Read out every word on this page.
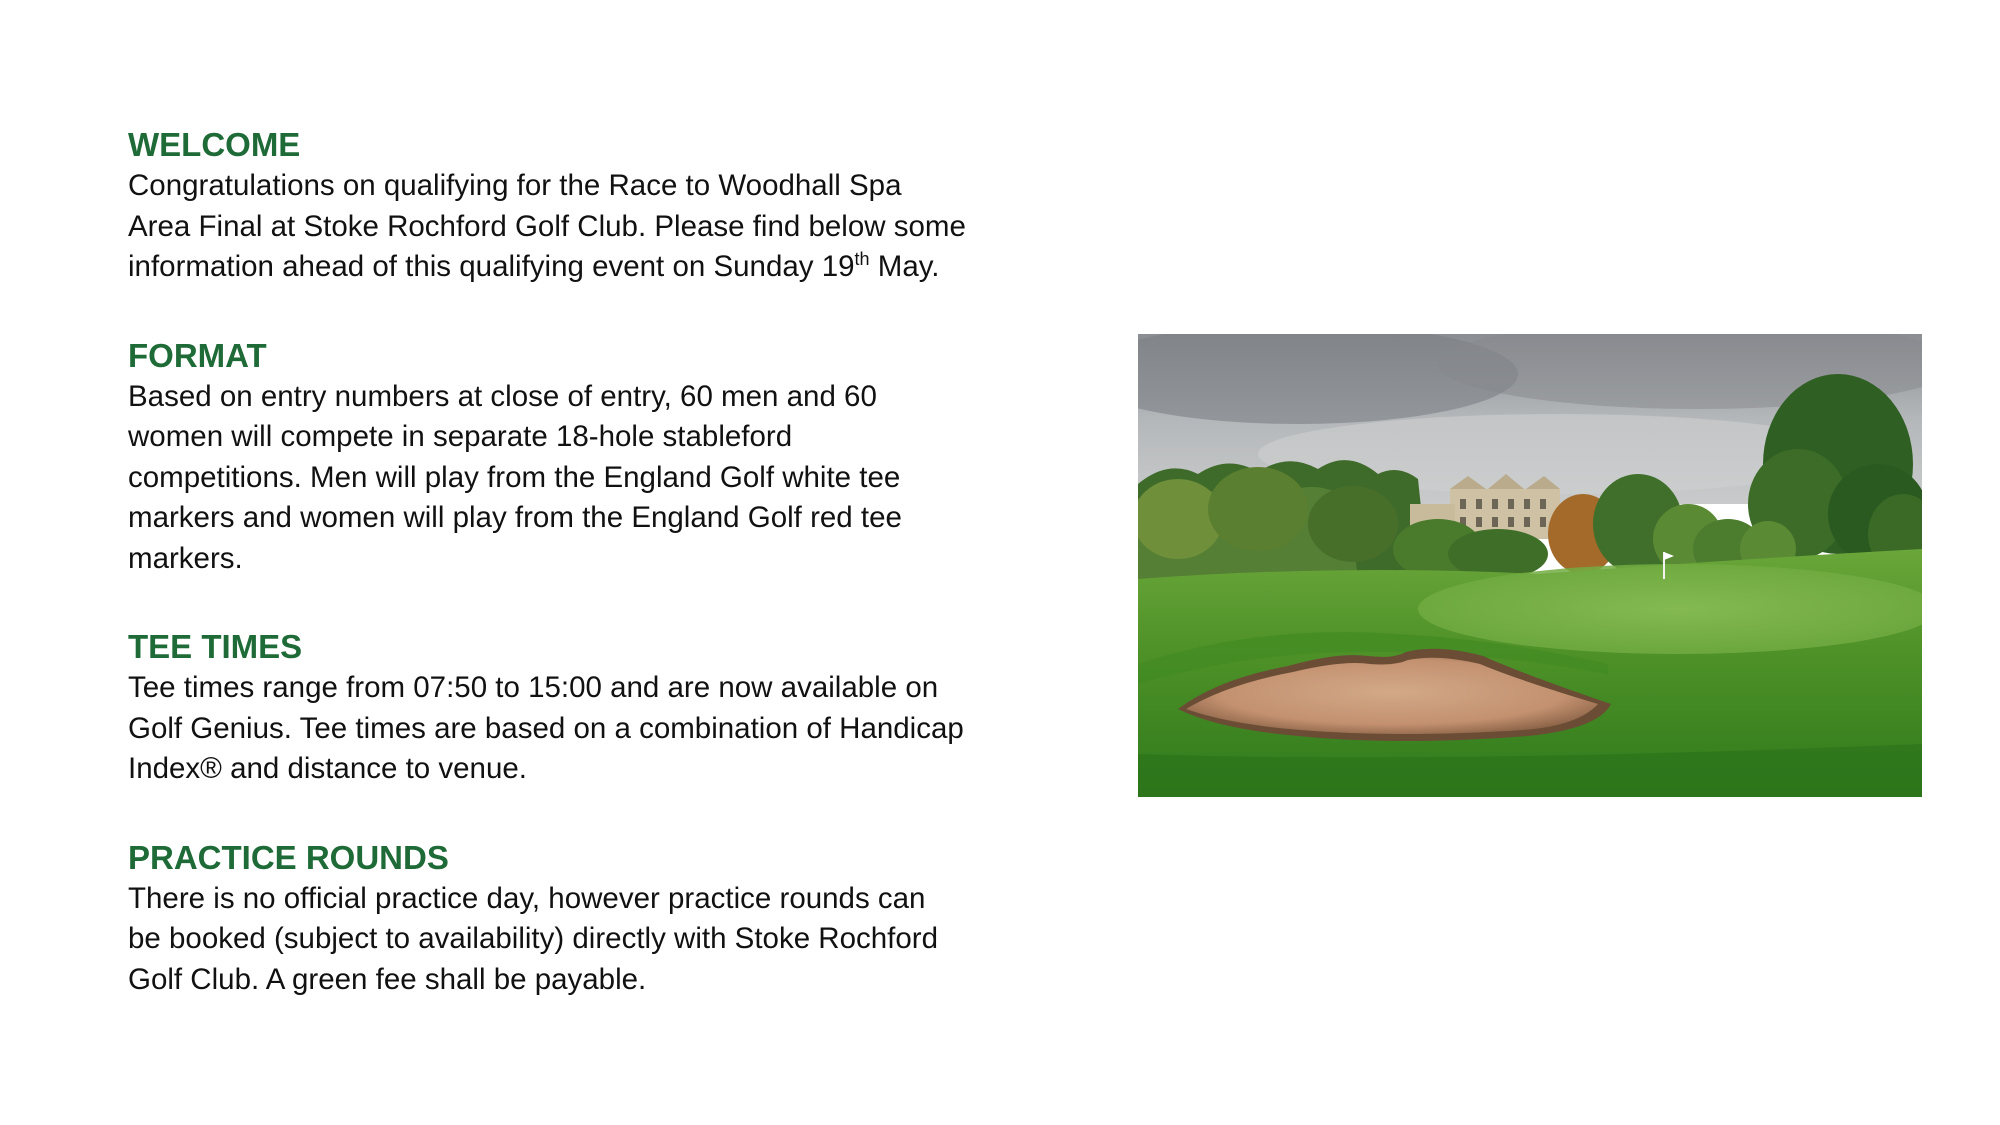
WELCOME

Congratulations on qualifying for the Race to Woodhall Spa
Area Final at Stoke Rochford Golf Club. Please find below some
information ahead of this qualifying event on Sunday 19th May.

FORMAT

Based on entry numbers at close of entry, 60 men and 60
women will compete in separate 18-hole stableford
competitions. Men will play from the England Golf white tee
markers and women will play from the England Golf red tee
markers.

TEE TIMES

Tee times range from 07:50 to 15:00 and are now available on
Golf Genius. Tee times are based on a combination of Handicap
Index® and distance to venue.

PRACTICE ROUNDS

There is no official practice day, however practice rounds can
be booked (subject to availability) directly with Stoke Rochford
Golf Club. A green fee shall be payable.
